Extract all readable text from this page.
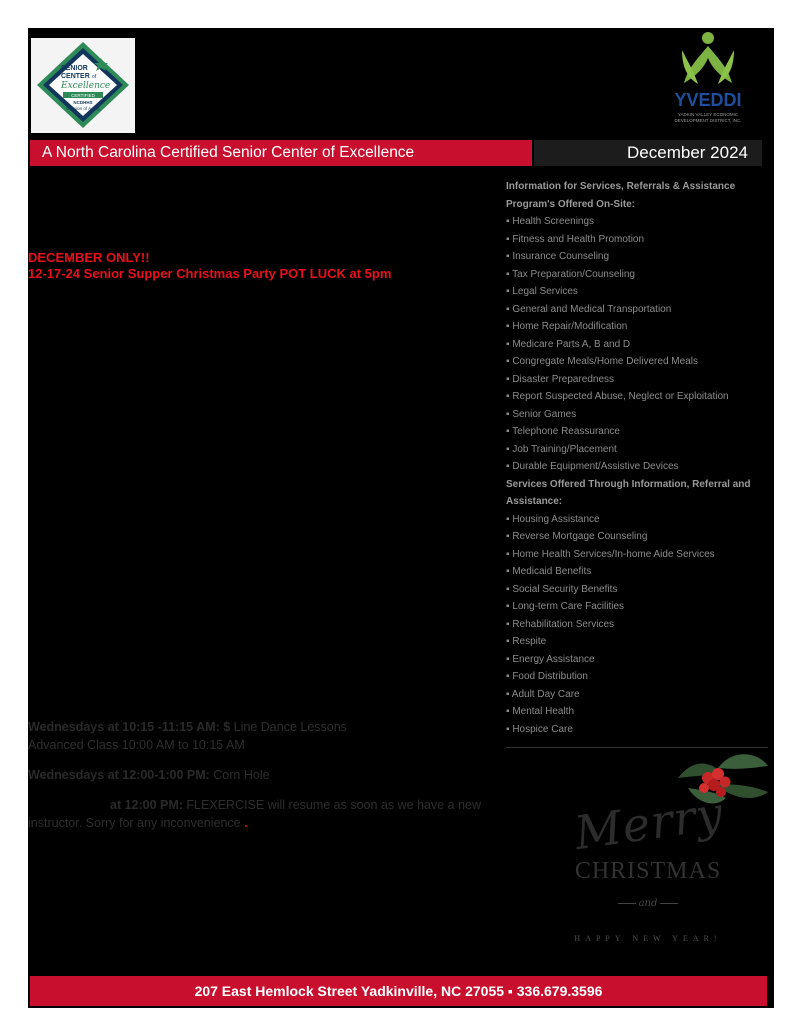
SENIOR
CENTER of
Excellence
CERTIFIED
NCDHHS
Division of Aging	YVEDDI
YADKIN VALLEY ECONOMIC
DEVELOPMENT DISTRICT, INC.
A North Carolina Certified Senior Center of Excellence	December 2024
DECEMBER ONLY!!
12-17-24 Senior Supper Christmas Party POT LUCK at 5pm

Information for Services, Referrals & Assistance Program's Offered On-Site:

▪ Health Screenings

▪ Fitness and Health Promotion

▪ Insurance Counseling

▪ Tax Preparation/Counseling

▪ Legal Services

▪ General and Medical Transportation

▪ Home Repair/Modification

▪ Medicare Parts A, B and D

▪ Congregate Meals/Home Delivered Meals

▪ Disaster Preparedness

▪ Report Suspected Abuse, Neglect or Exploitation

▪ Senior Games

▪ Telephone Reassurance

▪ Job Training/Placement

▪ Durable Equipment/Assistive Devices

Services Offered Through Information, Referral and Assistance:

▪ Housing Assistance

▪ Reverse Mortgage Counseling

▪ Home Health Services/In-home Aide Services

▪ Medicaid Benefits

▪ Social Security Benefits

▪ Long-term Care Facilities

▪ Rehabilitation Services

▪ Respite

▪ Energy Assistance

▪ Food Distribution

▪ Adult Day Care

▪ Mental Health

▪ Hospice Care

Wednesdays at 10:15 -11:15 AM: $ Line Dance Lessons

Advanced Class 10:00 AM to 10:15 AM

Wednesdays at 12:00-1:00 PM: Corn Hole

at 12:00 PM: FLEXERCISE will resume as soon as we have a new instructor. Sorry for any inconvenience .	Merry
CHRISTMAS
and
HAPPY NEW YEAR!
207 East Hemlock Street Yadkinville, NC 27055 ▪ 336.679.3596
